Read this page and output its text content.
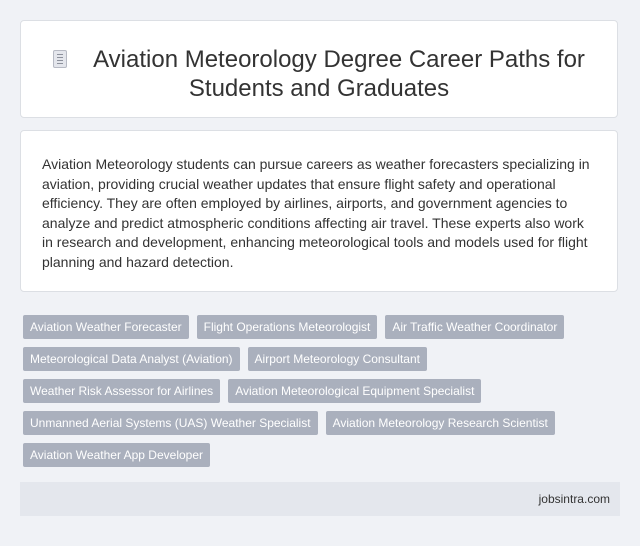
Aviation Meteorology Degree Career Paths for Students and Graduates

Aviation Meteorology students can pursue careers as weather forecasters specializing in aviation, providing crucial weather updates that ensure flight safety and operational efficiency. They are often employed by airlines, airports, and government agencies to analyze and predict atmospheric conditions affecting air travel. These experts also work in research and development, enhancing meteorological tools and models used for flight planning and hazard detection.

Aviation Weather Forecaster	Flight Operations Meteorologist	Air Traffic Weather Coordinator
Meteorological Data Analyst (Aviation)	Airport Meteorology Consultant
Weather Risk Assessor for Airlines	Aviation Meteorological Equipment Specialist
Unmanned Aerial Systems (UAS) Weather Specialist	Aviation Meteorology Research Scientist
Aviation Weather App Developer
jobsintra.com
